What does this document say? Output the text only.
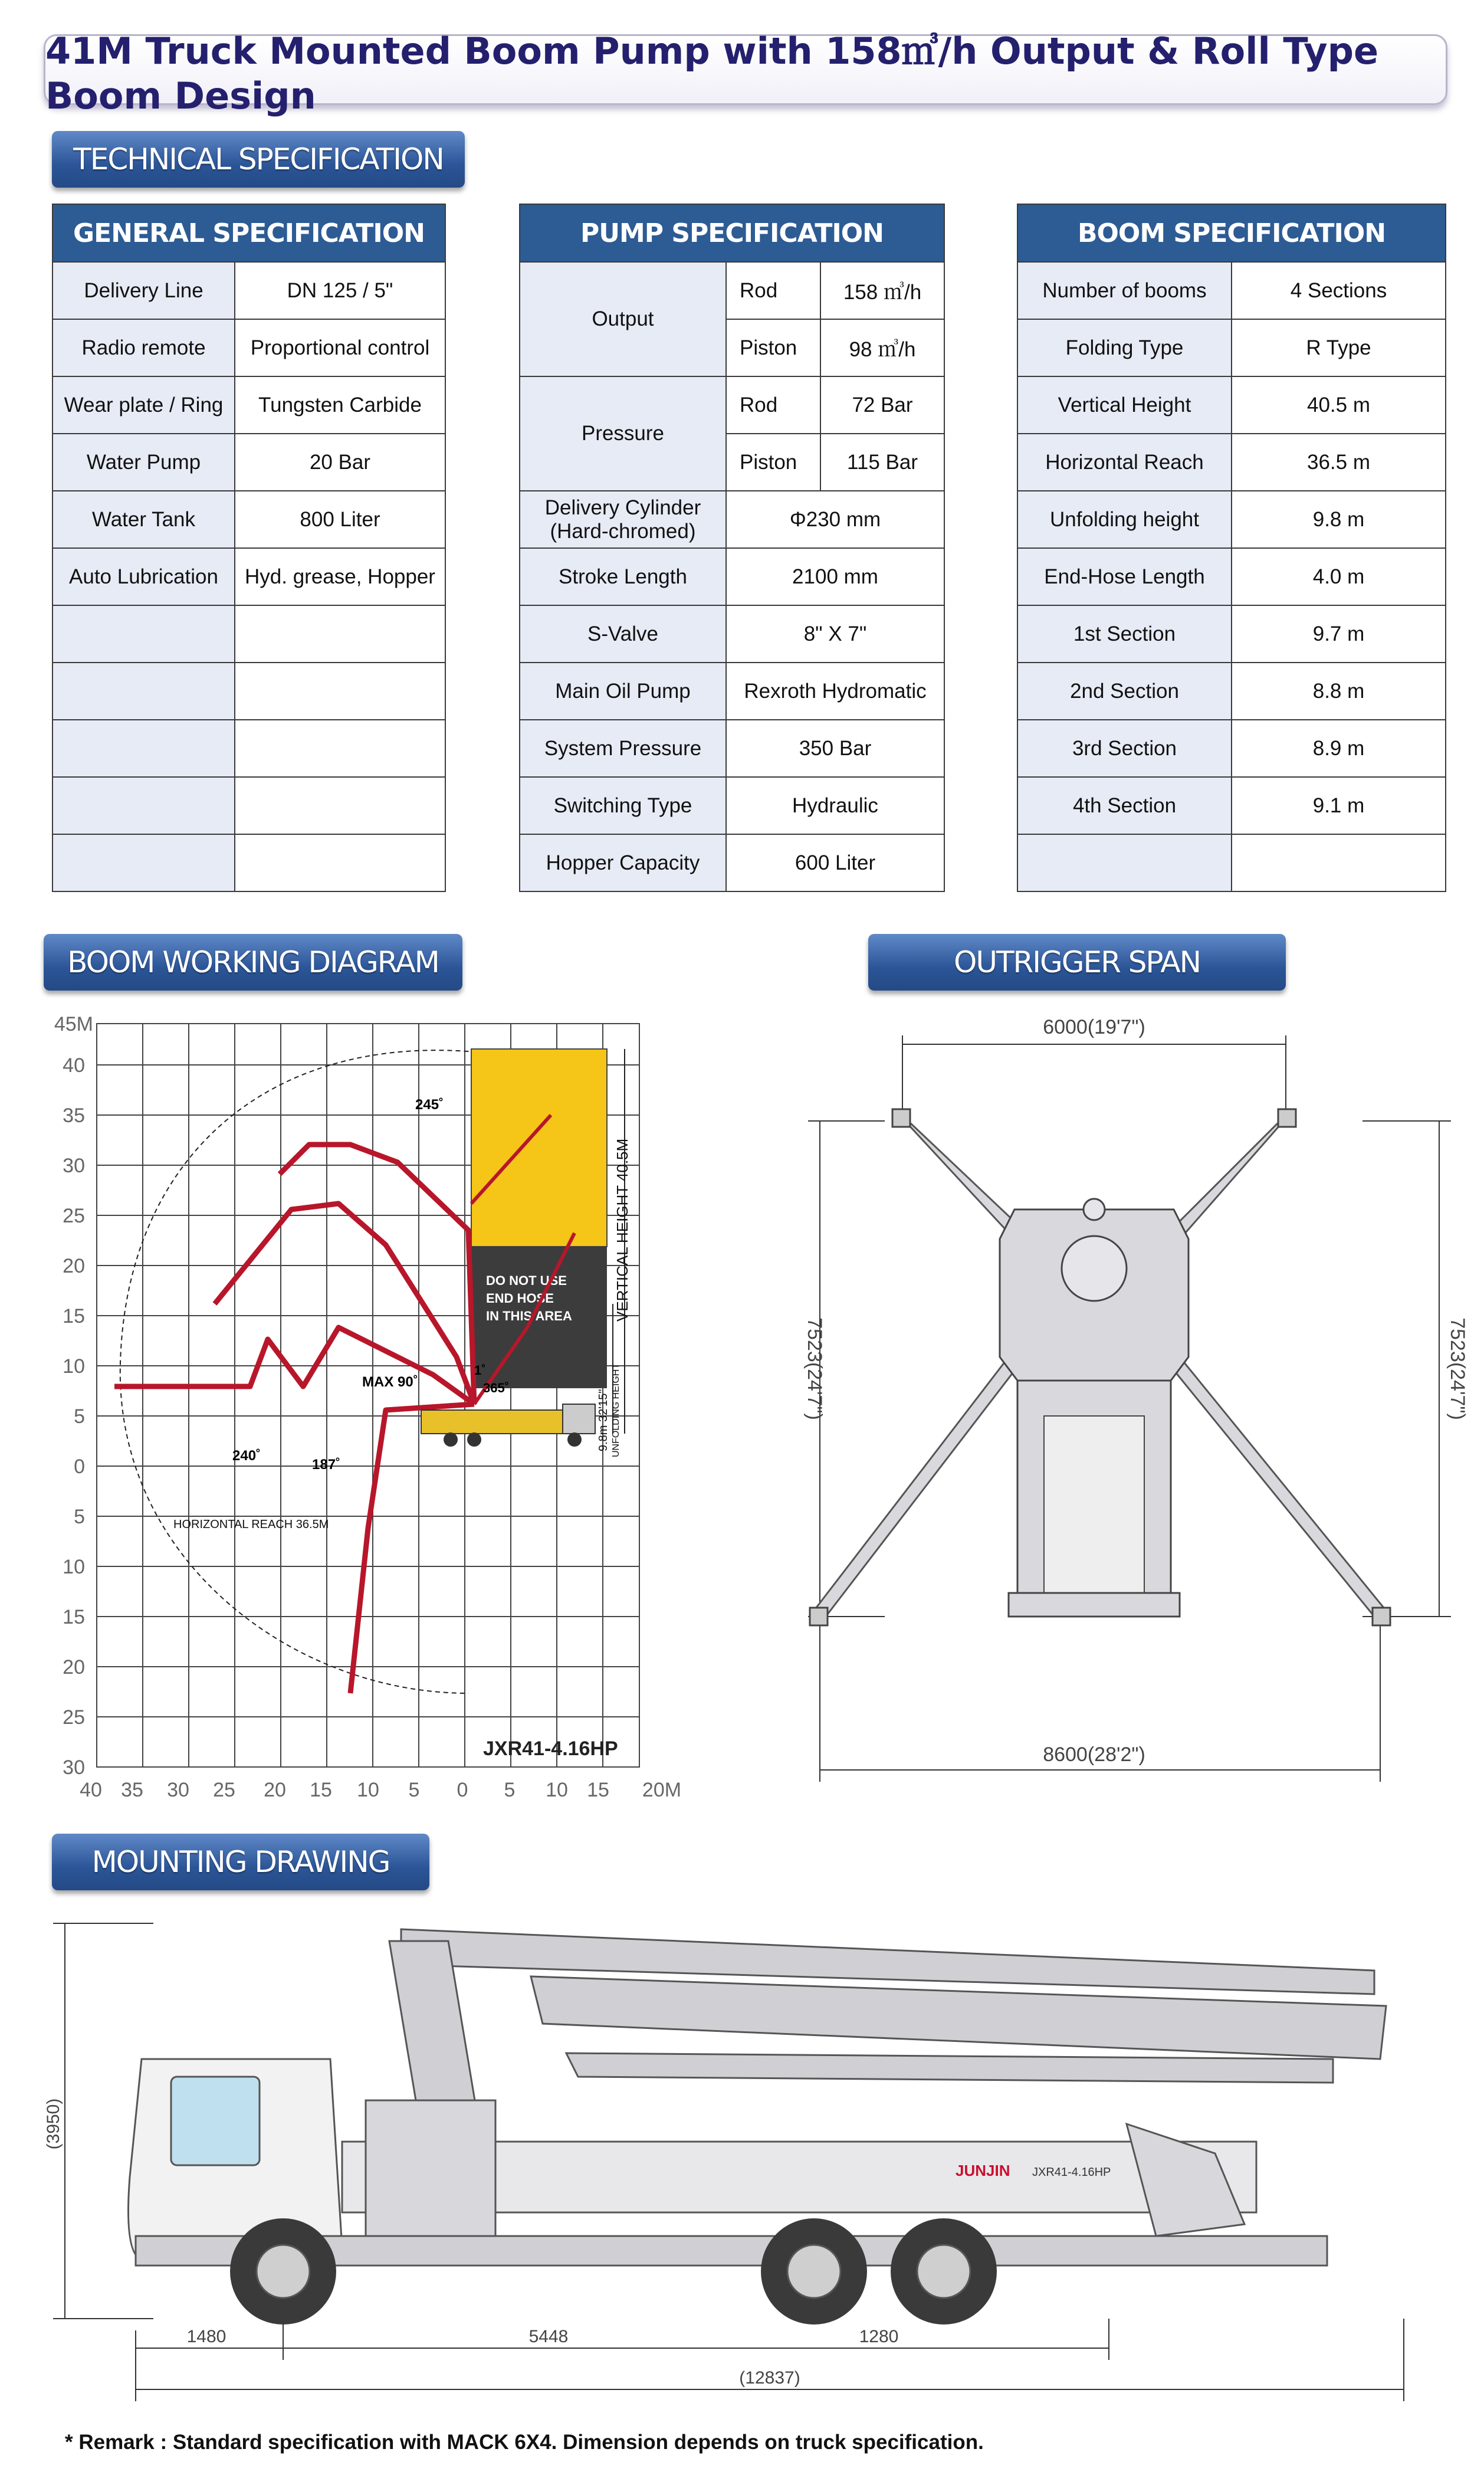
41M Truck Mounted Boom Pump with 158㎥/h Output & Roll Type Boom Design
TECHNICAL SPECIFICATION
GENERAL SPECIFICATION	
Delivery Line	DN 125 / 5"
Radio remote	Proportional control
Wear plate / Ring	Tungsten Carbide
Water Pump	20 Bar
Water Tank	800 Liter
Auto Lubrication	Hyd. grease, Hopper

PUMP SPECIFICATION		
Output	Rod	158 ㎥/h
	Piston	98 ㎥/h
Pressure	Rod	72 Bar
	Piston	115 Bar

Delivery Cylinder
(Hard-chromed)	Φ230 mm	
Stroke Length	2100 mm	
S-Valve	8" X 7"	
Main Oil Pump	Rexroth Hydromatic	
System Pressure	350 Bar	
Switching Type	Hydraulic	
Hopper Capacity	600 Liter	
BOOM SPECIFICATION	
Number of booms	4 Sections
Folding Type	R Type
Vertical Height	40.5 m
Horizontal Reach	36.5 m
Unfolding height	9.8 m
End-Hose Length	4.0 m
1st Section	9.7 m
2nd Section	8.8 m
3rd Section	8.9 m
4th Section	9.1 m

BOOM WORKING DIAGRAM
DO NOT USE
END HOSE
IN THIS AREA	VERTICAL HEIGHT 40.5M
UNFOLDING HEIGHT
9.8m 32'15"
245˚
MAX 90˚
1˚
365˚
240˚
187˚
HORIZONTAL REACH 36.5M
JXR41-4.16HP
45M
40
35
30
25
20
15
10
5
0
5
10
15
20
25
30
40 35 30 25 20 15 10 5 0 5 10 15 20M
OUTRIGGER SPAN
6000(19'7")
8600(28'2")
7523(24'7")	7523(24'7")
MOUNTING DRAWING
(3950)
1480	5448	1280
(12837)
JUNJIN JXR41-4.16HP
* Remark : Standard specification with MACK 6X4. Dimension depends on truck specification.
